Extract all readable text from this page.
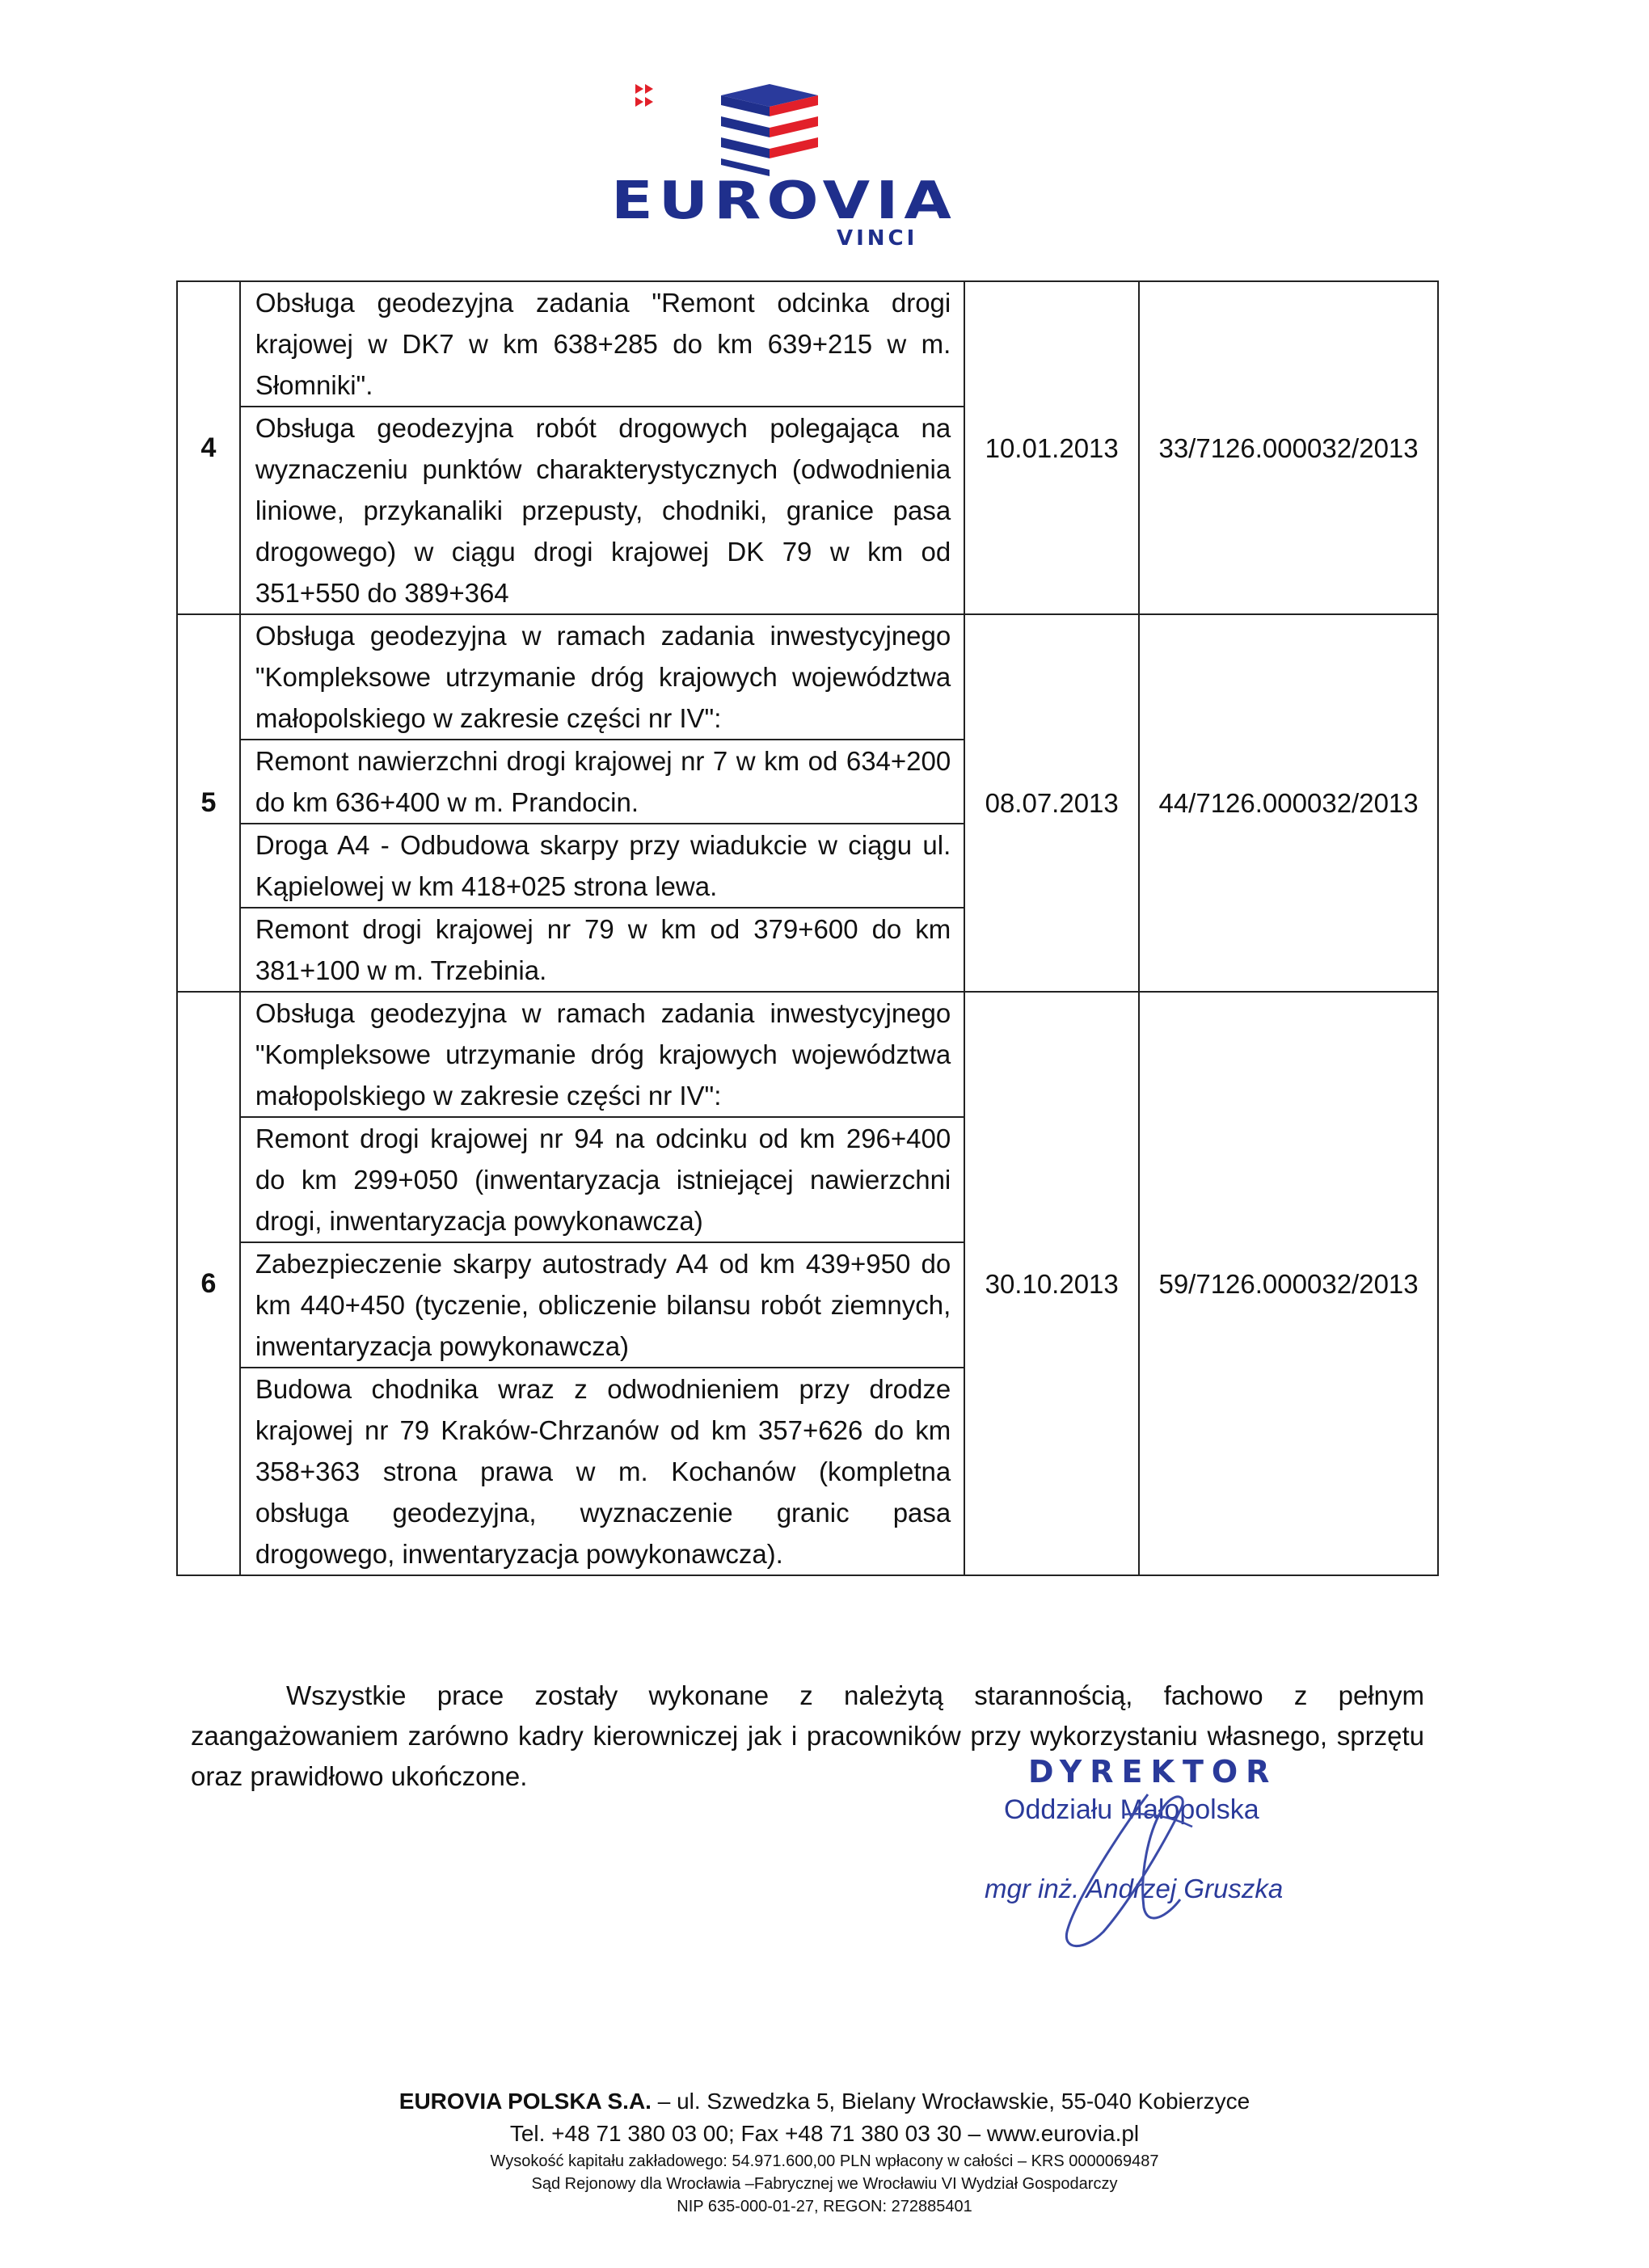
EUROVIA
VINCI
4	Obsługa geodezyjna zadania "Remont odcinka drogi krajowej w DK7 w km 638+285 do km 639+215 w m. Słomniki".
Obsługa geodezyjna robót drogowych polegająca na wyznaczeniu punktów charakterystycznych (odwodnienia liniowe, przykanaliki przepusty, chodniki, granice pasa drogowego) w ciągu drogi krajowej DK 79 w km od 351+550 do 389+364	10.01.2013	33/7126.000032/2013
5	Obsługa geodezyjna w ramach zadania inwestycyjnego "Kompleksowe utrzymanie dróg krajowych województwa małopolskiego w zakresie części nr IV":
Remont nawierzchni drogi krajowej nr 7 w km od 634+200 do km 636+400 w m. Prandocin.
Droga A4 - Odbudowa skarpy przy wiadukcie w ciągu ul. Kąpielowej w km 418+025 strona lewa.
Remont drogi krajowej nr 79 w km od 379+600 do km 381+100 w m. Trzebinia.	08.07.2013	44/7126.000032/2013
6	Obsługa geodezyjna w ramach zadania inwestycyjnego "Kompleksowe utrzymanie dróg krajowych województwa małopolskiego w zakresie części nr IV":
Remont drogi krajowej nr 94 na odcinku od km 296+400 do km 299+050 (inwentaryzacja istniejącej nawierzchni drogi, inwentaryzacja powykonawcza)
Zabezpieczenie skarpy autostrady A4 od km 439+950 do km 440+450 (tyczenie, obliczenie bilansu robót ziemnych, inwentaryzacja powykonawcza)
Budowa chodnika wraz z odwodnieniem przy drodze krajowej nr 79 Kraków-Chrzanów od km 357+626 do km 358+363 strona prawa w m. Kochanów (kompletna obsługa geodezyjna, wyznaczenie granic pasa drogowego, inwentaryzacja powykonawcza).	30.10.2013	59/7126.000032/2013

Wszystkie prace zostały wykonane z należytą starannością, fachowo z pełnym zaangażowaniem zarówno kadry kierowniczej jak i pracowników przy wykorzystaniu własnego, sprzętu oraz prawidłowo ukończone.	DYREKTOR
Oddziału Małopolska
mgr inż. Andrzej Gruszka
EUROVIA POLSKA S.A. – ul. Szwedzka 5, Bielany Wrocławskie, 55-040 Kobierzyce
Tel. +48 71 380 03 00; Fax +48 71 380 03 30 – www.eurovia.pl
Wysokość kapitału zakładowego: 54.971.600,00 PLN wpłacony w całości – KRS 0000069487
Sąd Rejonowy dla Wrocławia –Fabrycznej we Wrocławiu VI Wydział Gospodarczy
NIP 635-000-01-27, REGON: 272885401
